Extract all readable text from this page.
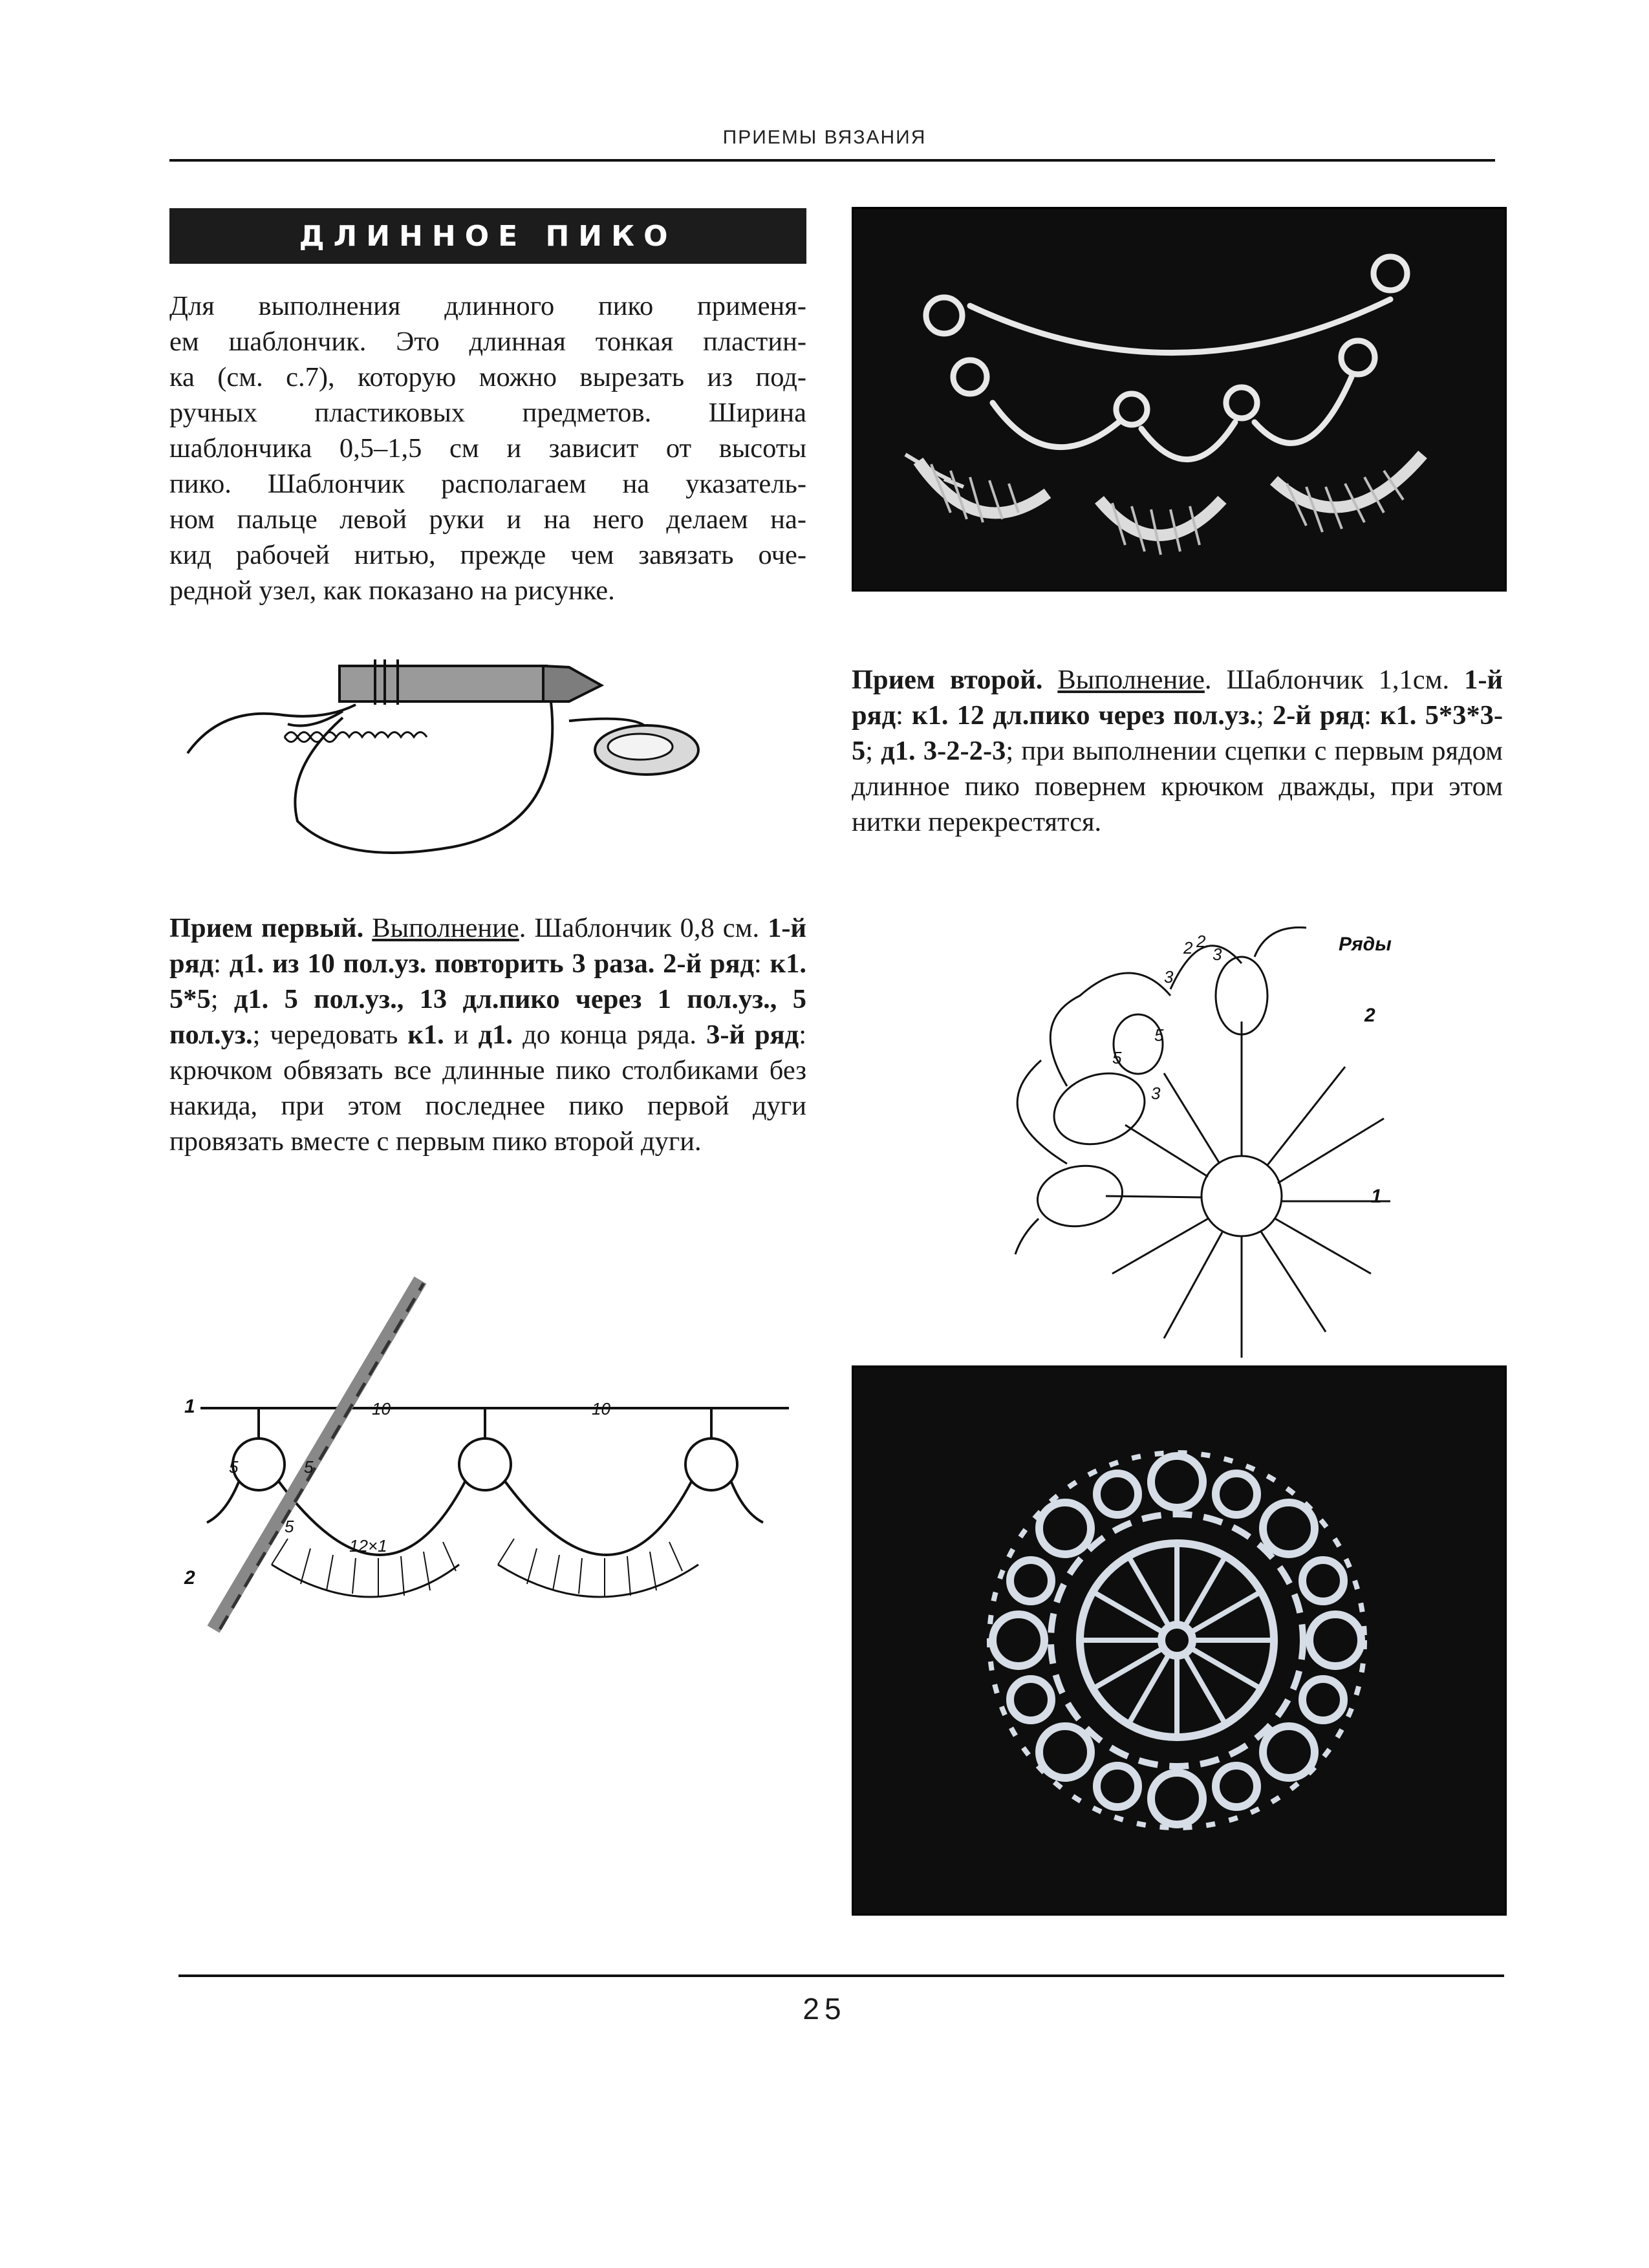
ПРИЕМЫ ВЯЗАНИЯ
ДЛИННОЕ ПИКО
Для выполнения длинного пико применя-
ем шаблончик. Это длинная тонкая пластин-
ка (см. с.7), которую можно вырезать из под-
ручных пластиковых предметов. Ширина
шаблончика 0,5–1,5 см и зависит от высоты
пико. Шаблончик располагаем на указатель-
ном пальце левой руки и на него делаем на-
кид рабочей нитью, прежде чем завязать оче-
редной узел, как показано на рисунке.
Прием второй. Выполнение. Шаблончик 1,1см. 1-й ряд: к1. 12 дл.пико через пол.уз.; 2-й ряд: к1. 5*3*3-5; д1. 3-2-2-3; при выполнении сцепки с первым рядом длинное пико повернем крючком дважды, при этом нитки перекрестятся.
Прием первый. Выполнение. Шаблончик 0,8 см. 1-й ряд: д1. из 10 пол.уз. повторить 3 раза. 2-й ряд: к1. 5*5; д1. 5 пол.уз., 13 дл.пико через 1 пол.уз., 5 пол.уз.; чередовать к1. и д1. до конца ряда. 3-й ряд: крючком обвязать все длинные пико столбиками без накида, при этом последнее пико первой дуги провязать вместе с первым пико второй дуги.
3
3
3
2 2
5
5
Ряды
2
1
10	10
5	5
5
12×1
1
2
25
